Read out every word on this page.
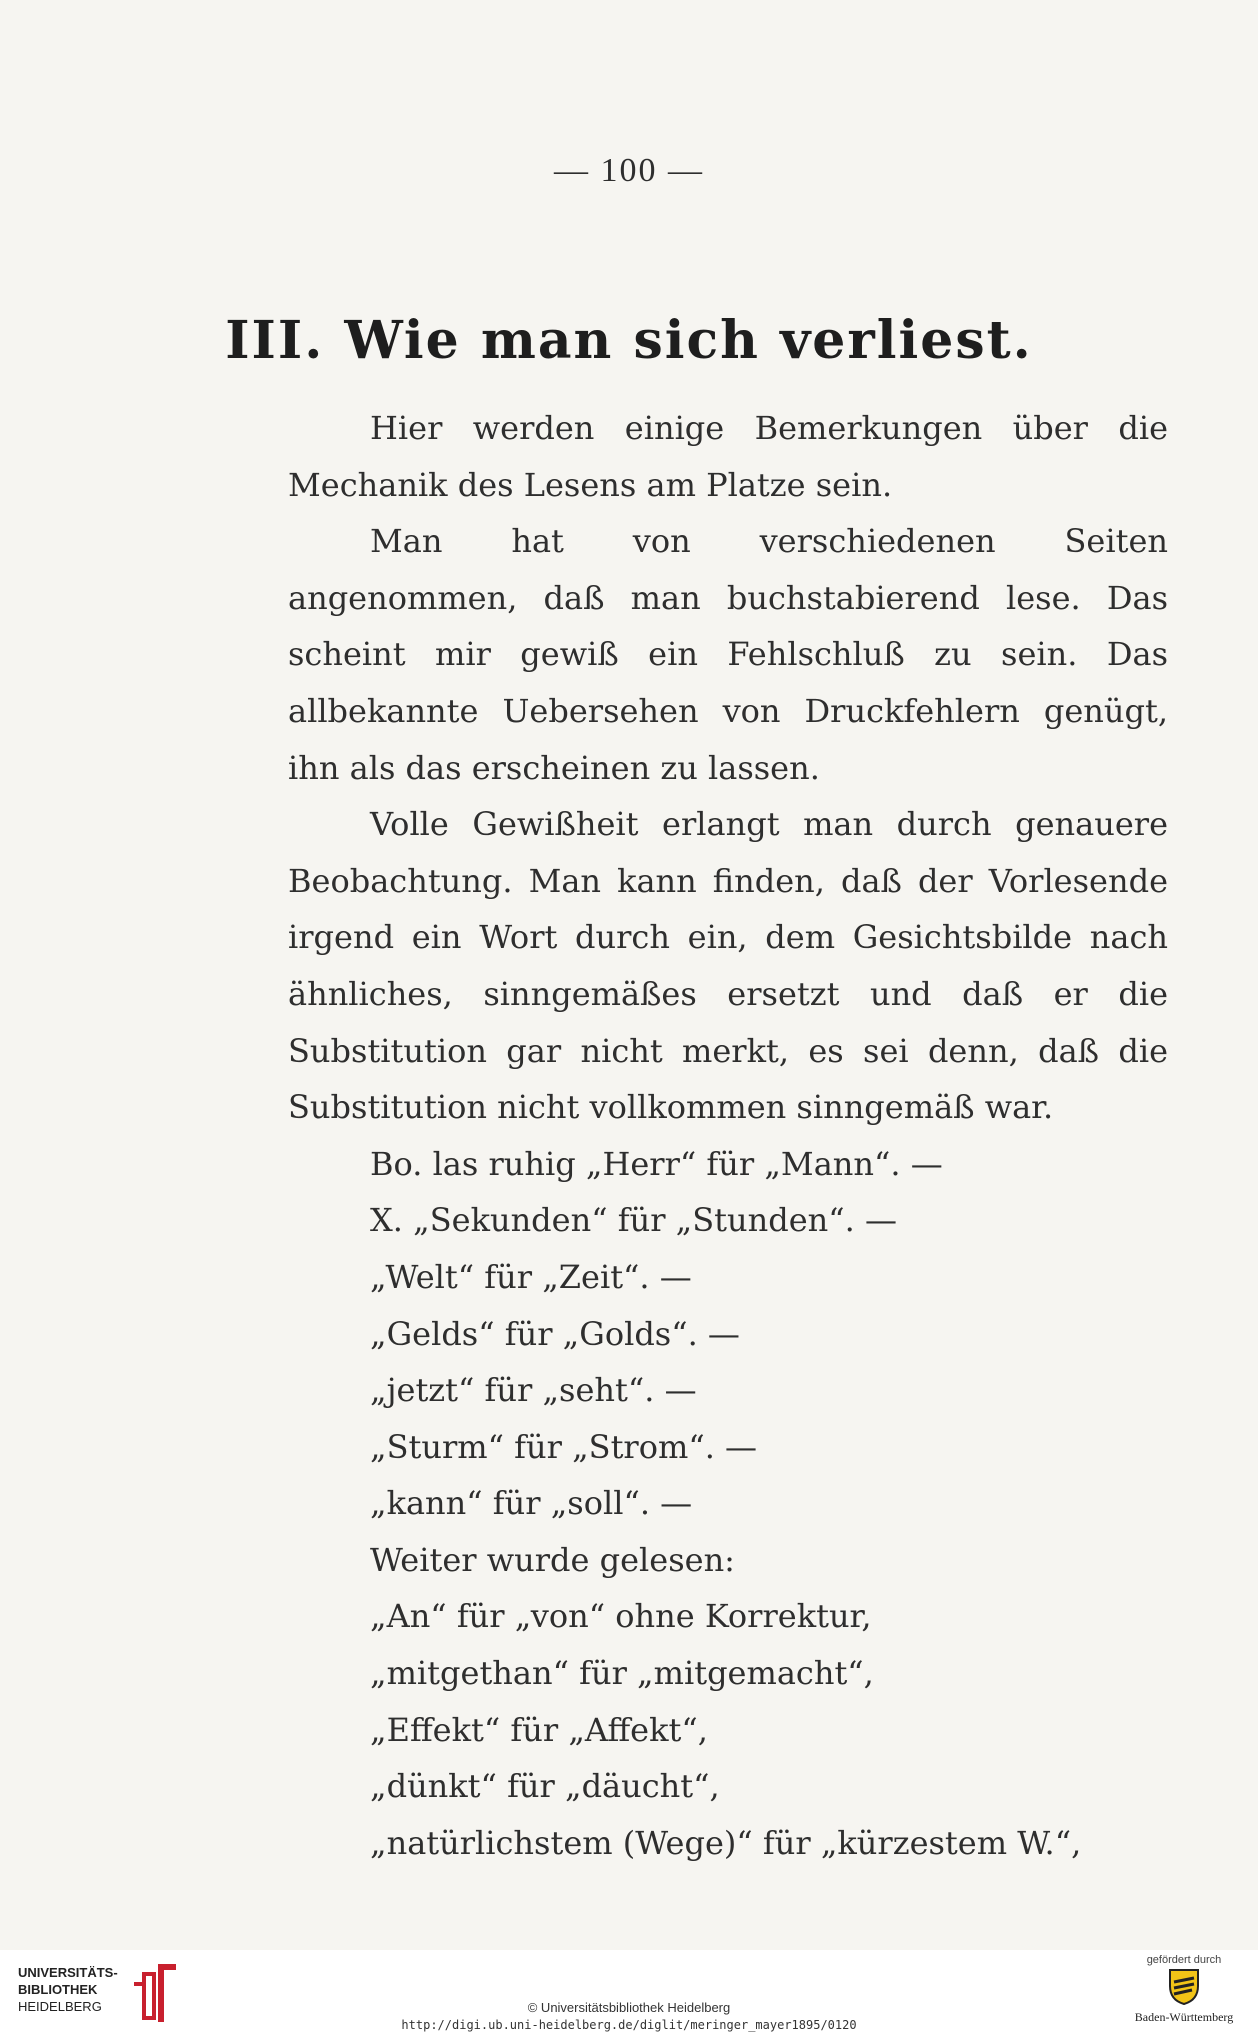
— 100 —
III. Wie man sich verliest.

Hier werden einige Bemerkungen über die Mechanik des Lesens am Platze sein.

Man hat von verschiedenen Seiten angenommen, daß man buchstabierend lese. Das scheint mir gewiß ein Fehlschluß zu sein. Das allbekannte Uebersehen von Druckfehlern genügt, ihn als das erscheinen zu lassen.

Volle Gewißheit erlangt man durch genauere Beobachtung. Man kann finden, daß der Vorlesende irgend ein Wort durch ein, dem Gesichtsbilde nach ähnliches, sinngemäßes ersetzt und daß er die Substitution gar nicht merkt, es sei denn, daß die Substitution nicht vollkommen sinngemäß war.

Bo. las ruhig „Herr“ für „Mann“. —

X. „Sekunden“ für „Stunden“. —

„Welt“ für „Zeit“. —

„Gelds“ für „Golds“. —

„jetzt“ für „seht“. —

„Sturm“ für „Strom“. —

„kann“ für „soll“. —

Weiter wurde gelesen:

„An“ für „von“ ohne Korrektur,

„mitgethan“ für „mitgemacht“,

„Effekt“ für „Affekt“,

„dünkt“ für „däucht“,

„natürlichstem (Wege)“ für „kürzestem W.“,

UNIVERSITÄTS-
BIBLIOTHEK
HEIDELBERG	© Universitätsbibliothek Heidelberg
http://digi.ub.uni-heidelberg.de/diglit/meringer_mayer1895/0120
gefördert durch
Baden-Württemberg
